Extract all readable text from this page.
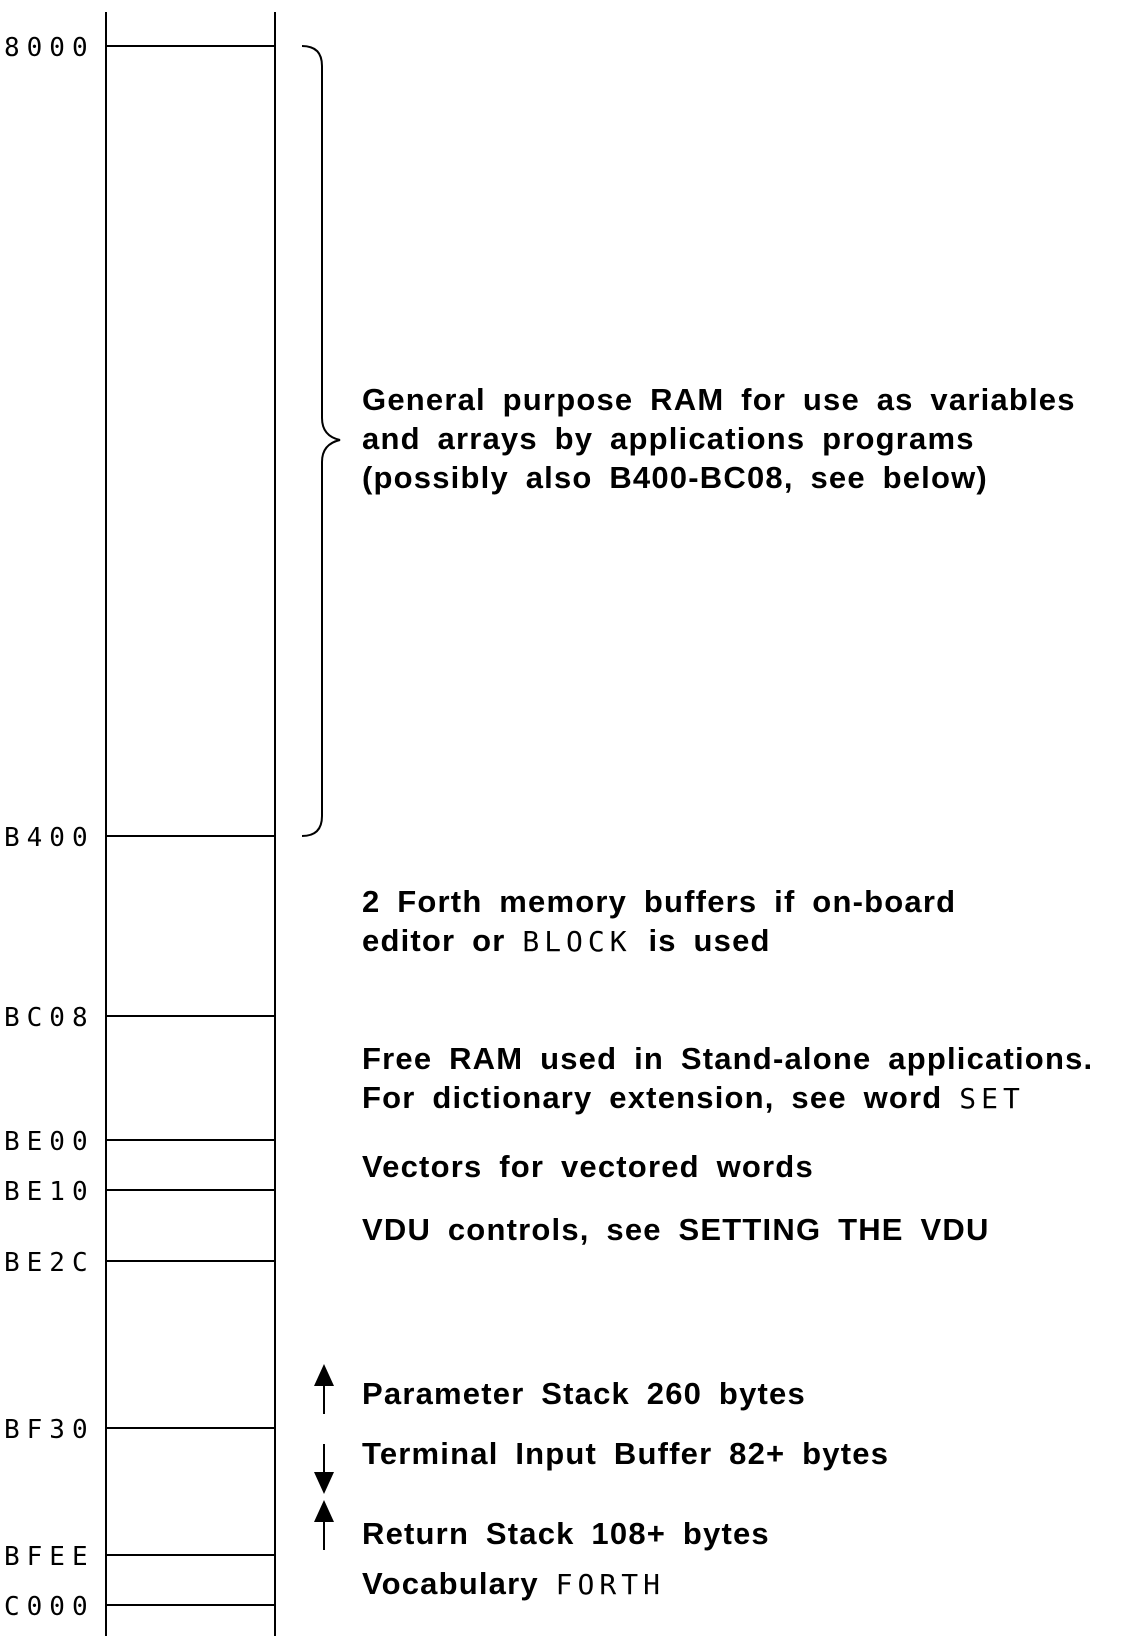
8000
B400
BC08
BE00
BE10
BE2C
BF30
BFEE
C000
General purpose RAM for use as variables
and arrays by applications programs
(possibly also B400-BC08, see below)
2 Forth memory buffers if on-board
editor or BLOCK is used
Free RAM used in Stand-alone applications.
For dictionary extension, see word SET
Vectors for vectored words
VDU controls, see SETTING THE VDU
Parameter Stack 260 bytes
Terminal Input Buffer 82+ bytes
Return Stack 108+ bytes
Vocabulary FORTH
